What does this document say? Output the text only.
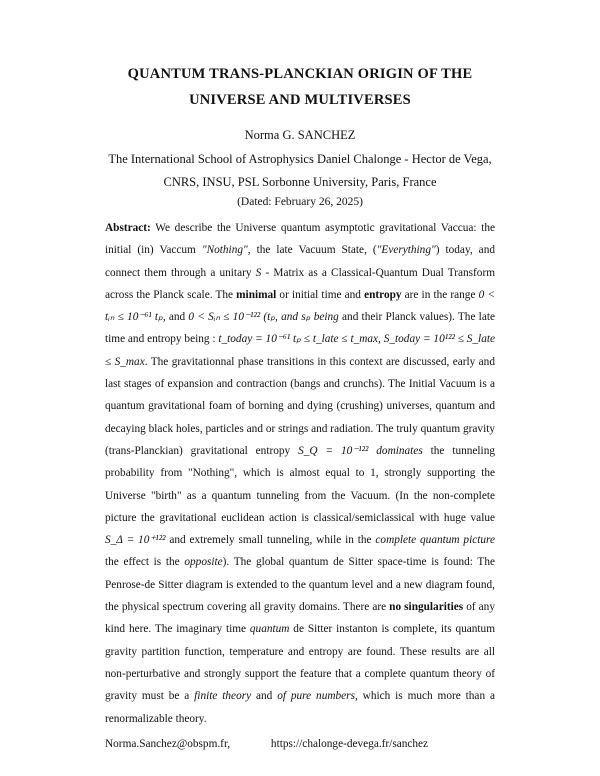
QUANTUM TRANS-PLANCKIAN ORIGIN OF THE
UNIVERSE AND MULTIVERSES
Norma G. SANCHEZ
The International School of Astrophysics Daniel Chalonge - Hector de Vega,
CNRS, INSU, PSL Sorbonne University, Paris, France
(Dated: February 26, 2025)
Abstract: We describe the Universe quantum asymptotic gravitational Vaccua: the initial (in) Vaccum "Nothing", the late Vacuum State, ("Everything") today, and connect them through a unitary S - Matrix as a Classical-Quantum Dual Transform across the Planck scale. The minimal or initial time and entropy are in the range 0 < tᵢₙ ≤ 10⁻⁶¹ tₚ, and 0 < Sᵢₙ ≤ 10⁻¹²² (tₚ, and sₚ being and their Planck values). The late time and entropy being : t_today = 10⁻⁶¹ tₚ ≤ t_late ≤ t_max, S_today = 10¹²² ≤ S_late ≤ S_max. The gravitationnal phase transitions in this context are discussed, early and last stages of expansion and contraction (bangs and crunchs). The Initial Vacuum is a quantum gravitational foam of borning and dying (crushing) universes, quantum and decaying black holes, particles and or strings and radiation. The truly quantum gravity (trans-Planckian) gravitational entropy S_Q = 10⁻¹²² dominates the tunneling probability from "Nothing", which is almost equal to 1, strongly supporting the Universe "birth" as a quantum tunneling from the Vacuum. (In the non-complete picture the gravitational euclidean action is classical/semiclassical with huge value S_Δ = 10⁺¹²² and extremely small tunneling, while in the complete quantum picture the effect is the opposite). The global quantum de Sitter space-time is found: The Penrose-de Sitter diagram is extended to the quantum level and a new diagram found, the physical spectrum covering all gravity domains. There are no singularities of any kind here. The imaginary time quantum de Sitter instanton is complete, its quantum gravity partition function, temperature and entropy are found. These results are all non-perturbative and strongly support the feature that a complete quantum theory of gravity must be a finite theory and of pure numbers, which is much more than a renormalizable theory.
Norma.Sanchez@obspm.fr,	https://chalonge-devega.fr/sanchez
